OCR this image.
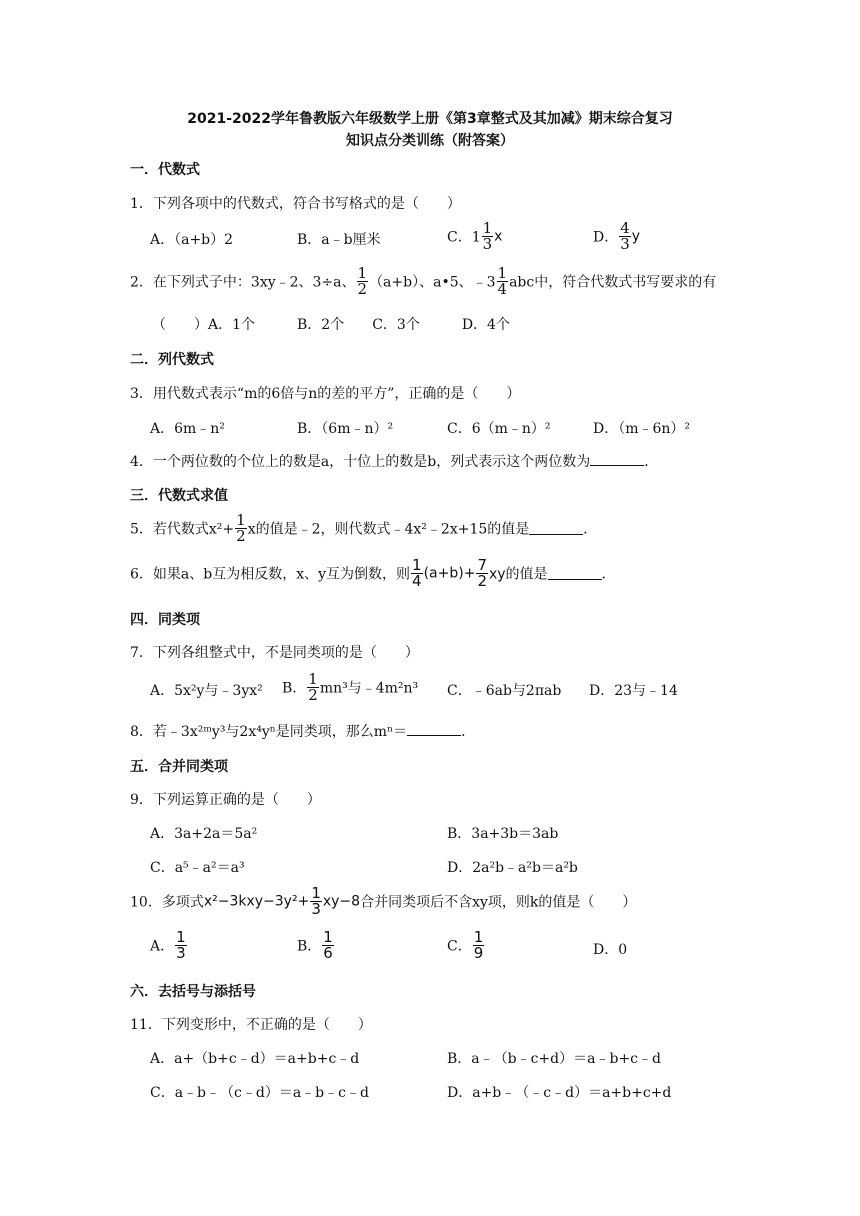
2021-2022学年鲁教版六年级数学上册《第3章整式及其加减》期末综合复习
知识点分类训练（附答案）
一．代数式
1．下列各项中的代数式，符合书写格式的是（　　）
A．（a+b）2	B．a﹣b厘米	C．$1 \frac{1}{3}$ x	D． $\frac{4}{3}$ y
2．在下列式子中：3xy﹣2、3÷a、 $\frac{1}{2} (a+b)$、a•5、﹣3 $\frac{1}{4}$ abc中，符合代数式书写要求的有
（　　）A．1个　　　B．2个　　C．3个　　　D．4个
二．列代数式
3．用代数式表示“m的6倍与n的差的平方”，正确的是（　　）
A．6m﹣n²	B．（6m﹣n）²	C．6（m﹣n）²	D．（m﹣6n）²
4．一个两位数的个位上的数是a，十位上的数是b，列式表示这个两位数为	．
三．代数式求值
5．若代数式$x^2+ \frac{1}{2}$ x的值是﹣2，则代数式﹣4x²﹣2x+15的值是	．
6．如果a、b互为相反数，x、y互为倒数，则 $\frac{1}{4} (a+b)+ \frac{7}{2}$ xy的值是	．
四．同类项
7．下列各组整式中，不是同类项的是（　　）
A．5x²y与﹣3yx² B． $\frac{1}{2} mn^3$与﹣4m²n³ C．﹣6ab与2πab D．23与﹣14
8．若﹣3x²ᵐy³与2x⁴yⁿ是同类项，那么mⁿ＝	．
五．合并同类项
9．下列运算正确的是（　　）
A．3a+2a＝5a²	B．3a+3b＝3ab
C．a⁵﹣a²＝a³	D．2a²b﹣a²b＝a²b
10．多项式$x^2-3kxy-3y^2+ \frac{1}{3} xy-8$合并同类项后不含xy项，则k的值是（　　）
A． $\frac{1}{3}$	B． $\frac{1}{6}$	C． $\frac{1}{9}$	D．0
六．去括号与添括号
11．下列变形中，不正确的是（　　）
A．a+（b+c﹣d）＝a+b+c﹣d	B．a﹣（b﹣c+d）＝a﹣b+c﹣d
C．a﹣b﹣（c﹣d）＝a﹣b﹣c﹣d	D．a+b﹣（﹣c﹣d）＝a+b+c+d
